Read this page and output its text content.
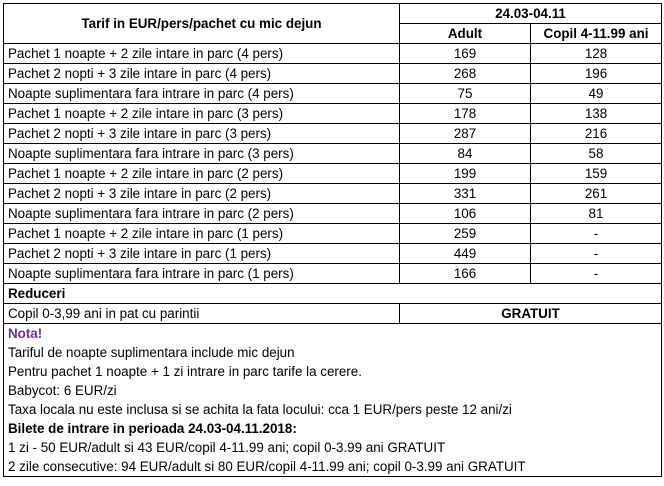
Tarif in EUR/pers/pachet cu mic dejun	24.03-04.11	
	Adult	Copil 4-11.99 ani
Pachet 1 noapte + 2 zile intare in parc (4 pers)	169	128
Pachet 2 nopti + 3 zile intare in parc (4 pers)	268	196
Noapte suplimentara fara intrare in parc (4 pers)	75	49
Pachet 1 noapte + 2 zile intare in parc (3 pers)	178	138
Pachet 2 nopti + 3 zile intare in parc (3 pers)	287	216
Noapte suplimentara fara intrare in parc (3 pers)	84	58
Pachet 1 noapte + 2 zile intare in parc (2 pers)	199	159
Pachet 2 nopti + 3 zile intare in parc (2 pers)	331	261
Noapte suplimentara fara intrare in parc (2 pers)	106	81
Pachet 1 noapte + 2 zile intare in parc (1 pers)	259	-
Pachet 2 nopti + 3 zile intare in parc (1 pers)	449	-
Noapte suplimentara fara intrare in parc (1 pers)	166	-
Reduceri		
Copil 0-3,99 ani in pat cu parintii	GRATUIT	
Nota!		
Tariful de noapte suplimentara include mic dejun		
Pentru pachet 1 noapte + 1 zi intrare in parc tarife la cerere.		
Babycot: 6 EUR/zi		
Taxa locala nu este inclusa si se achita la fata locului: cca 1 EUR/pers peste 12 ani/zi		
Bilete de intrare in perioada 24.03-04.11.2018:		
1 zi - 50 EUR/adult si 43 EUR/copil 4-11.99 ani; copil 0-3.99 ani GRATUIT		
2 zile consecutive: 94 EUR/adult si 80 EUR/copil 4-11.99 ani; copil 0-3.99 ani GRATUIT		
